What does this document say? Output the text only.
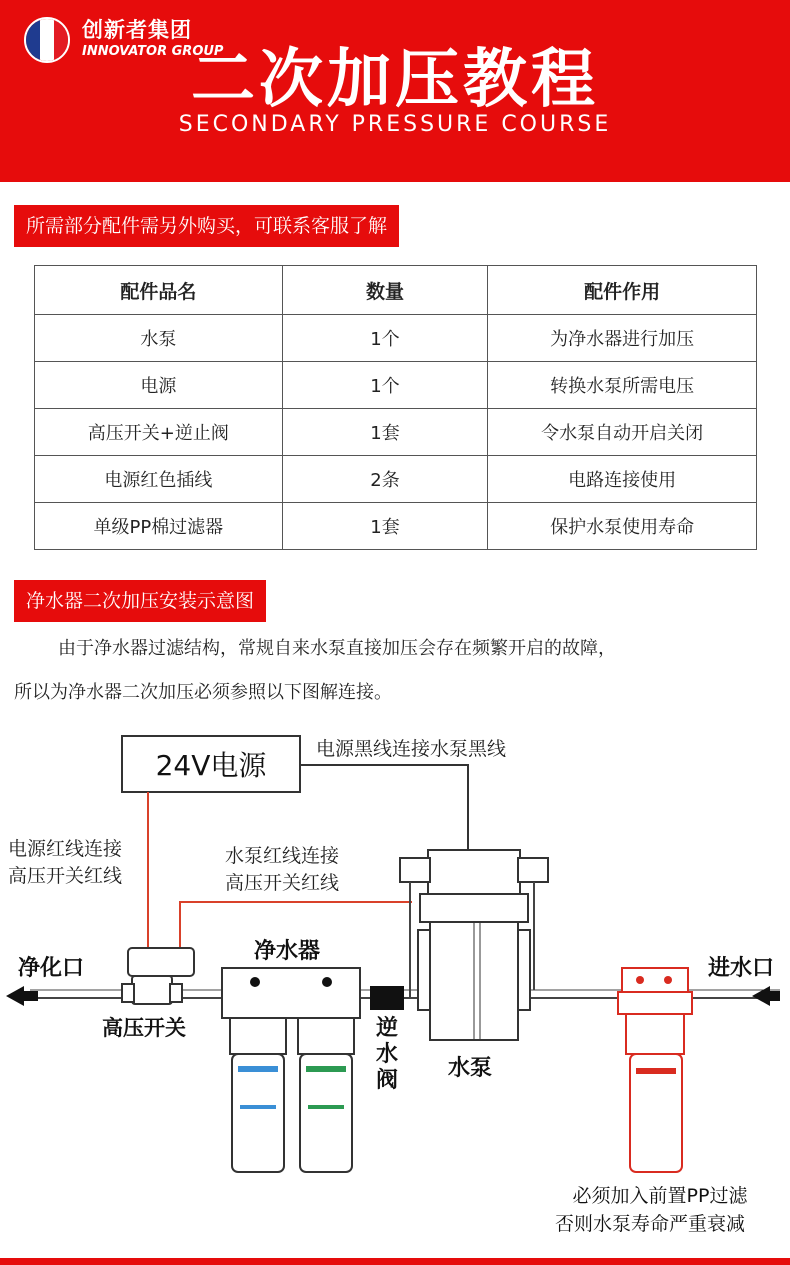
创新者集团
INNOVATOR GROUP
二次加压教程
SECONDARY PRESSURE COURSE
所需部分配件需另外购买，可联系客服了解
配件品名	数量	配件作用
水泵	1个	为净水器进行加压
电源	1个	转换水泵所需电压
高压开关+逆止阀	1套	令水泵自动开启关闭
电源红色插线	2条	电路连接使用
单级PP棉过滤器	1套	保护水泵使用寿命
净水器二次加压安装示意图
由于净水器过滤结构，常规自来水泵直接加压会存在频繁开启的故障，
所以为净水器二次加压必须参照以下图解连接。
24V电源	电源黑线连接水泵黑线
电源红线连接
高压开关红线
水泵红线连接
高压开关红线
净化口	进水口
高压开关
净水器
逆
水
阀 水泵
必须加入前置PP过滤
否则水泵寿命严重衰减
